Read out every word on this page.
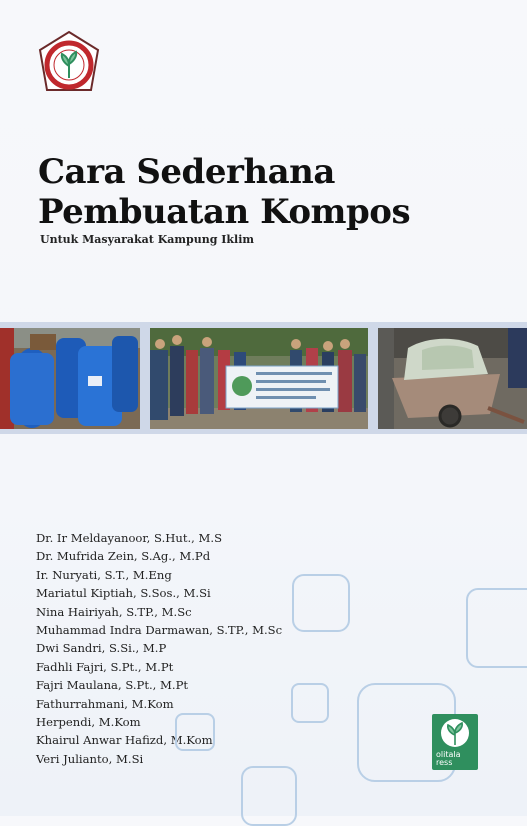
Cara Sederhana
Pembuatan Kompos

Untuk Masyarakat Kampung Iklim

Dr. Ir Meldayanoor, S.Hut., M.S
Dr. Mufrida Zein, S.Ag., M.Pd
Ir. Nuryati, S.T., M.Eng
Mariatul Kiptiah, S.Sos., M.Si
Nina Hairiyah, S.TP., M.Sc
Muhammad Indra Darmawan, S.TP., M.Sc
Dwi Sandri, S.Si., M.P
Fadhli Fajri, S.Pt., M.Pt
Fajri Maulana, S.Pt., M.Pt
Fathurrahmani, M.Kom
Herpendi, M.Kom
Khairul Anwar Hafizd, M.Kom
Veri Julianto, M.Si	olitala
ress
